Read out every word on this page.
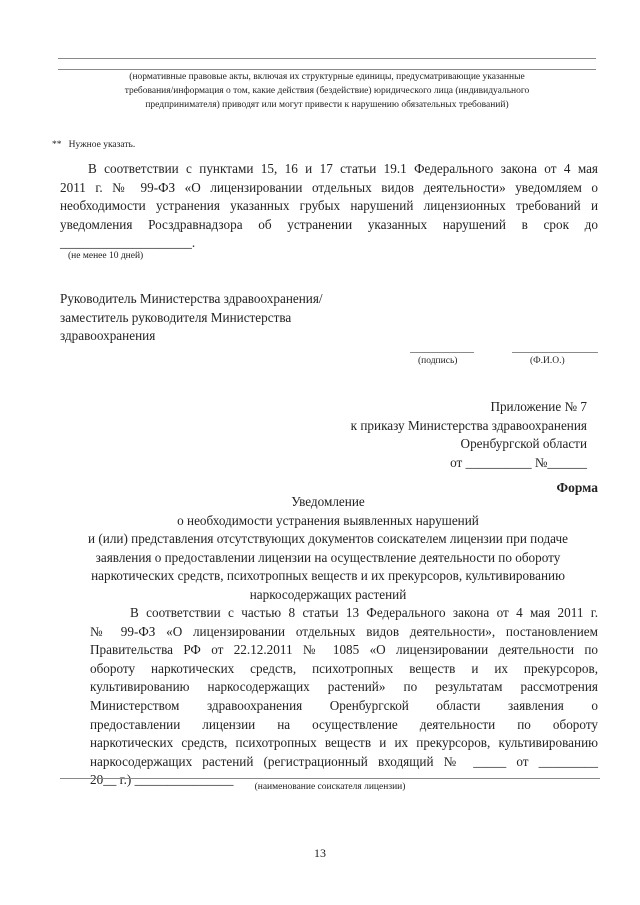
(нормативные правовые акты, включая их структурные единицы, предусматривающие указанные
требования/информация о том, какие действия (бездействие) юридического лица (индивидуального
предпринимателя) приводят или могут привести к нарушению обязательных требований)
** Нужное указать.
В соответствии с пунктами 15, 16 и 17 статьи 19.1 Федерального закона от 4 мая
2011 г. № 99-ФЗ «О лицензировании отдельных видов деятельности» уведомляем о
необходимости устранения указанных грубых нарушений лицензионных требований и
уведомления Росздравнадзора об устранении указанных нарушений в срок до
____________________.
(не менее 10 дней)
Руководитель Министерства здравоохранения/
заместитель руководителя Министерства
здравоохранения
(подпись)	(Ф.И.О.)
Приложение № 7
к приказу Министерства здравоохранения
Оренбургской области
от __________ №______
Форма
Уведомление
о необходимости устранения выявленных нарушений
и (или) представления отсутствующих документов соискателем лицензии при подаче
заявления о предоставлении лицензии на осуществление деятельности по обороту
наркотических средств, психотропных веществ и их прекурсоров, культивированию
наркосодержащих растений
В соответствии с частью 8 статьи 13 Федерального закона от 4 мая 2011 г.
№ 99-ФЗ «О лицензировании отдельных видов деятельности», постановлением
Правительства РФ от 22.12.2011 № 1085 «О лицензировании деятельности по
обороту наркотических средств, психотропных веществ и их прекурсоров,
культивированию наркосодержащих растений» по результатам рассмотрения
Министерством здравоохранения Оренбургской области заявления о
предоставлении лицензии на осуществление деятельности по обороту
наркотических средств, психотропных веществ и их прекурсоров, культивированию
наркосодержащих растений (регистрационный входящий № _____ от _________
20__ г.) _______________	(наименование соискателя лицензии)
13
